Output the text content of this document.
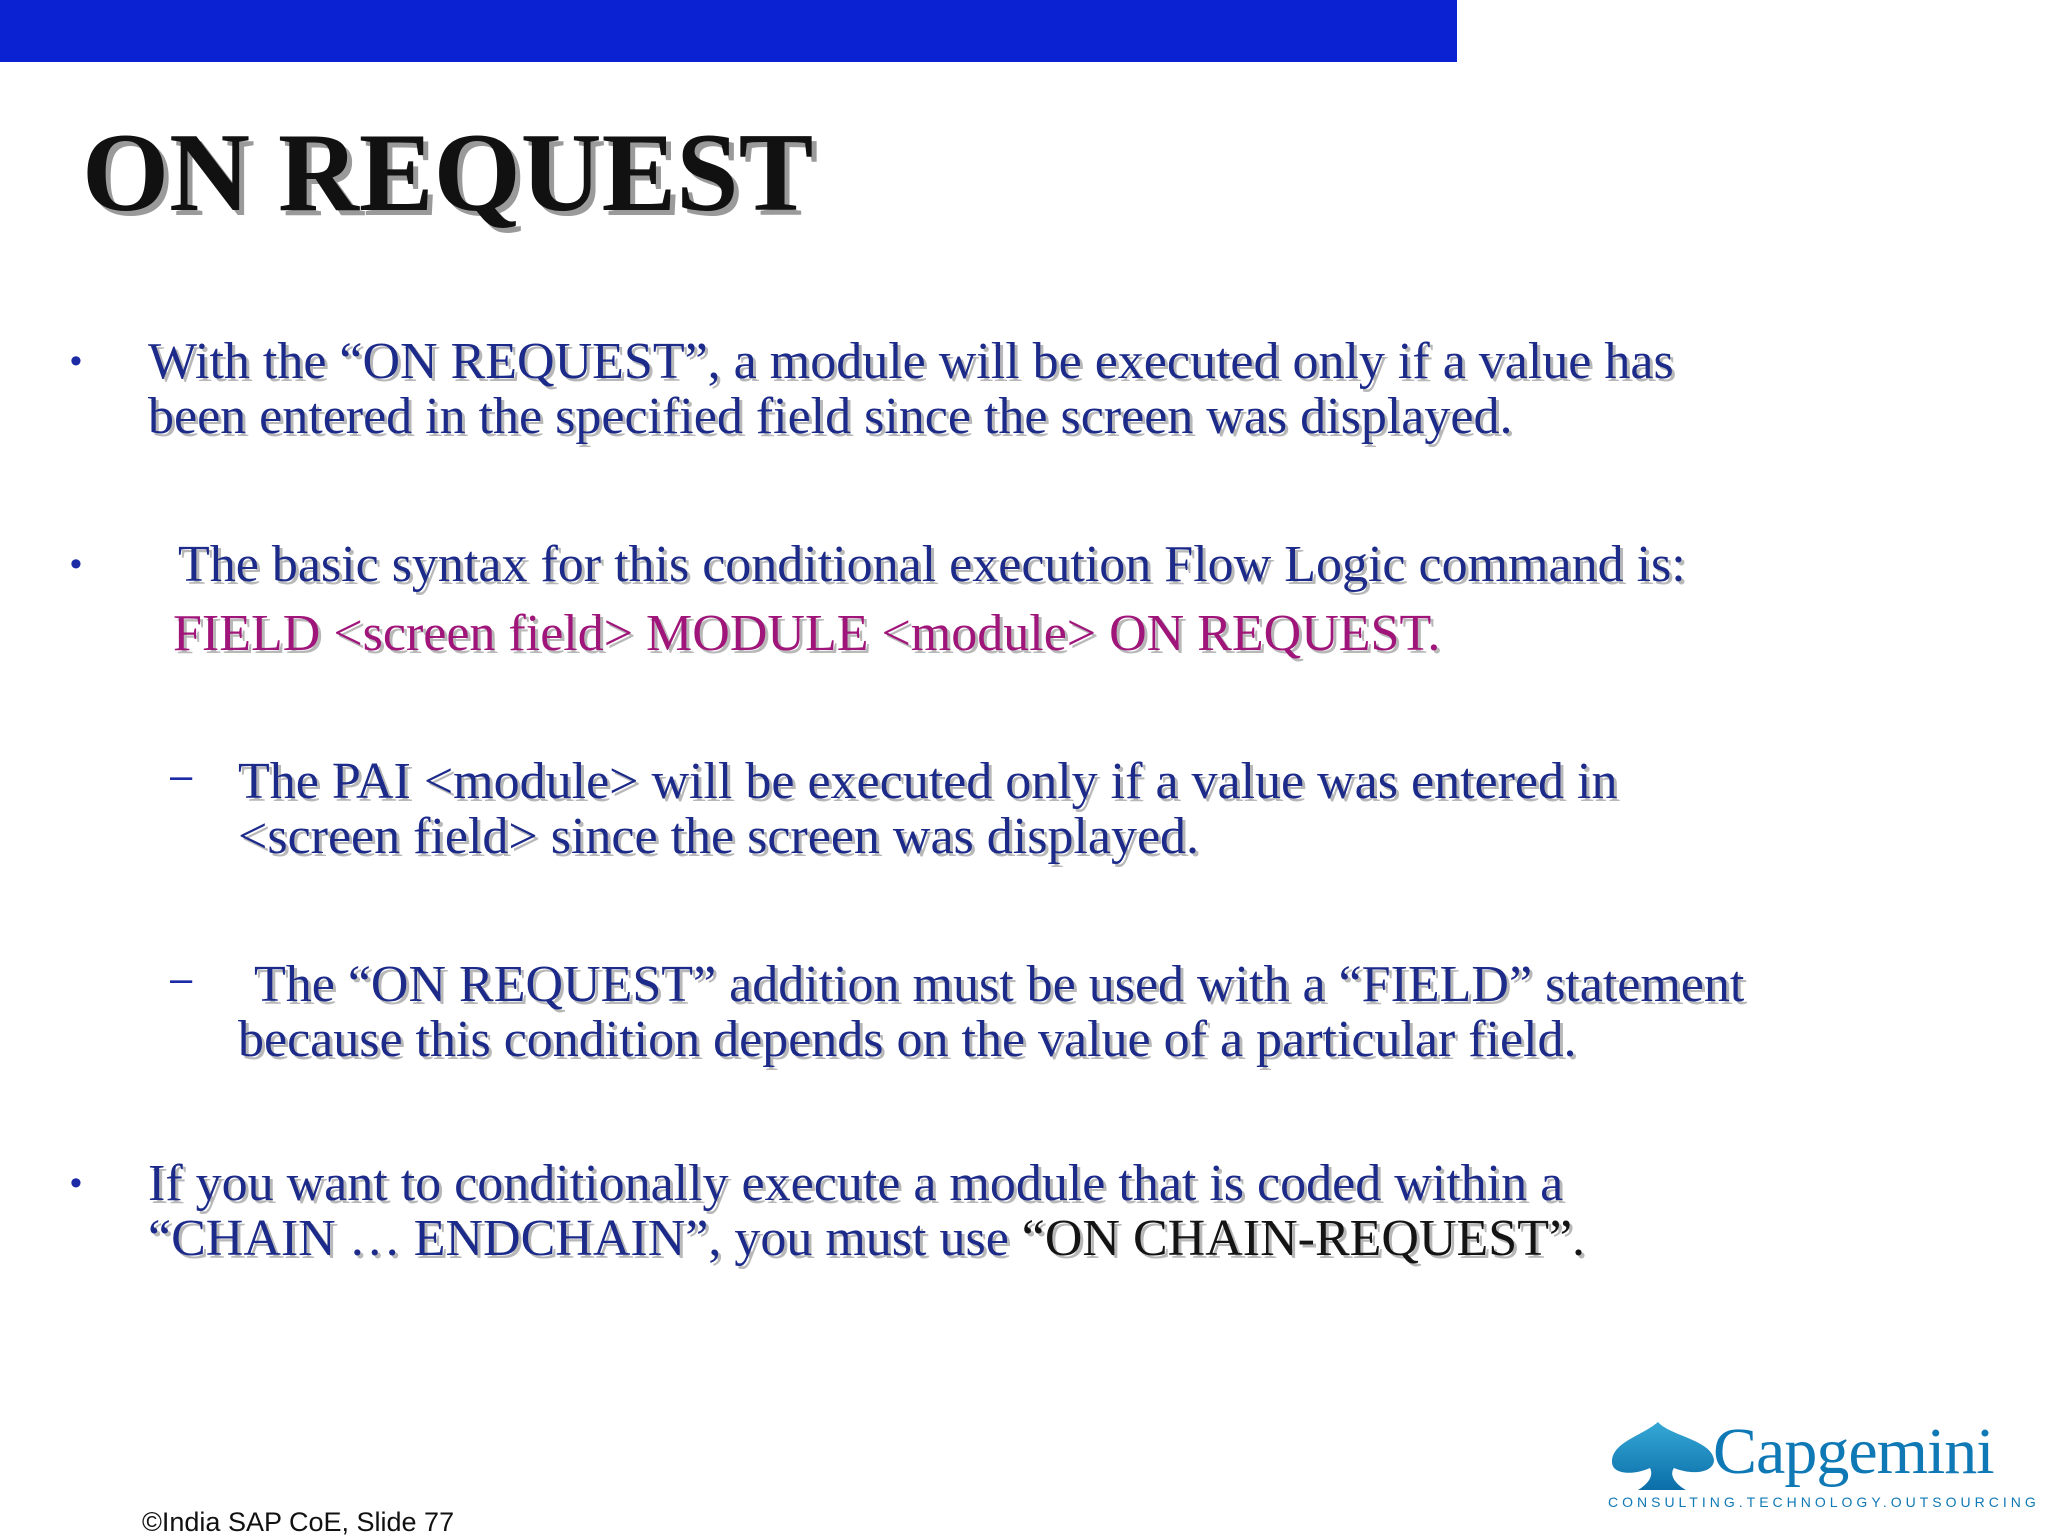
ON REQUEST
• With the “ON REQUEST”, a module will be executed only if a value has
been entered in the specified field since the screen was displayed.
• The basic syntax for this conditional execution Flow Logic command is:
FIELD <screen field> MODULE <module> ON REQUEST.
– The PAI <module> will be executed only if a value was entered in
<screen field> since the screen was displayed.
– The “ON REQUEST” addition must be used with a “FIELD” statement
because this condition depends on the value of a particular field.
• If you want to conditionally execute a module that is coded within a
“CHAIN … ENDCHAIN”, you must use “ON CHAIN-REQUEST”.
©India SAP CoE, Slide 77
Capgemini
CONSULTING.TECHNOLOGY.OUTSOURCING
